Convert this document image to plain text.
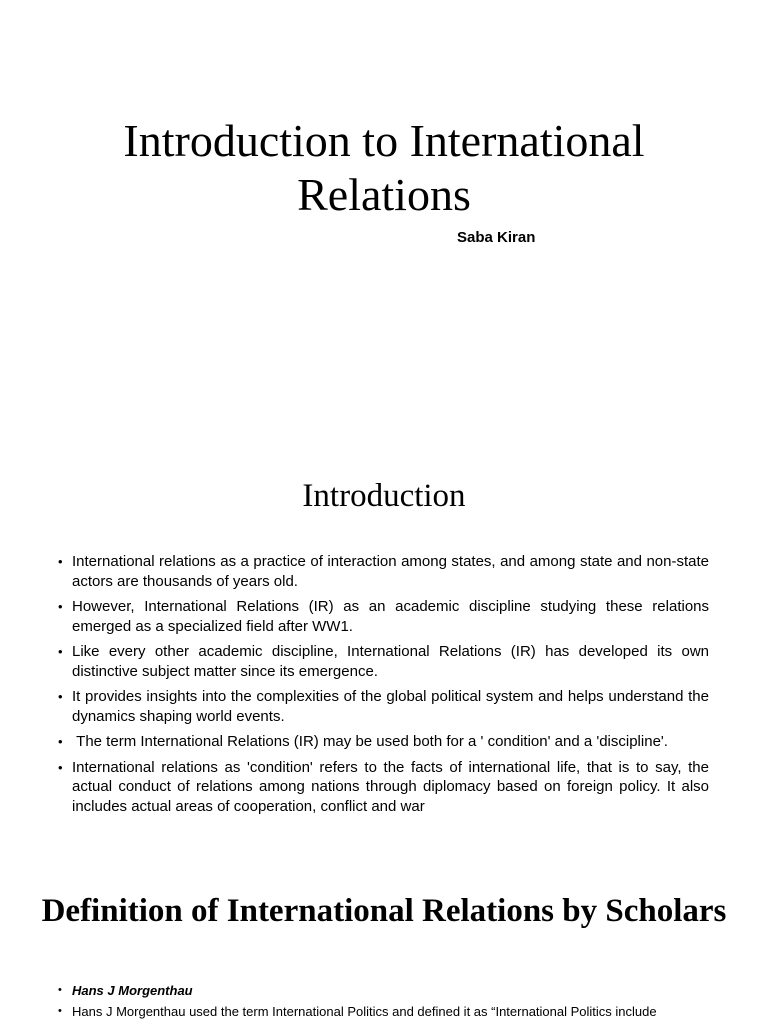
Introduction to International Relations

Saba Kiran

Introduction
• International relations as a practice of interaction among states, and among state and non-state actors are thousands of years old.
• However, International Relations (IR) as an academic discipline studying these relations emerged as a specialized field after WW1.
• Like every other academic discipline, International Relations (IR) has developed its own distinctive subject matter since its emergence.
• It provides insights into the complexities of the global political system and helps understand the dynamics shaping world events.
• The term International Relations (IR) may be used both for a ' condition' and a 'discipline'.
• International relations as 'condition' refers to the facts of international life, that is to say, the actual conduct of relations among nations through diplomacy based on foreign policy. It also includes actual areas of cooperation, conflict and war
Definition of International Relations by Scholars
• Hans J Morgenthau
• Hans J Morgenthau used the term International Politics and defined it as “International Politics include
